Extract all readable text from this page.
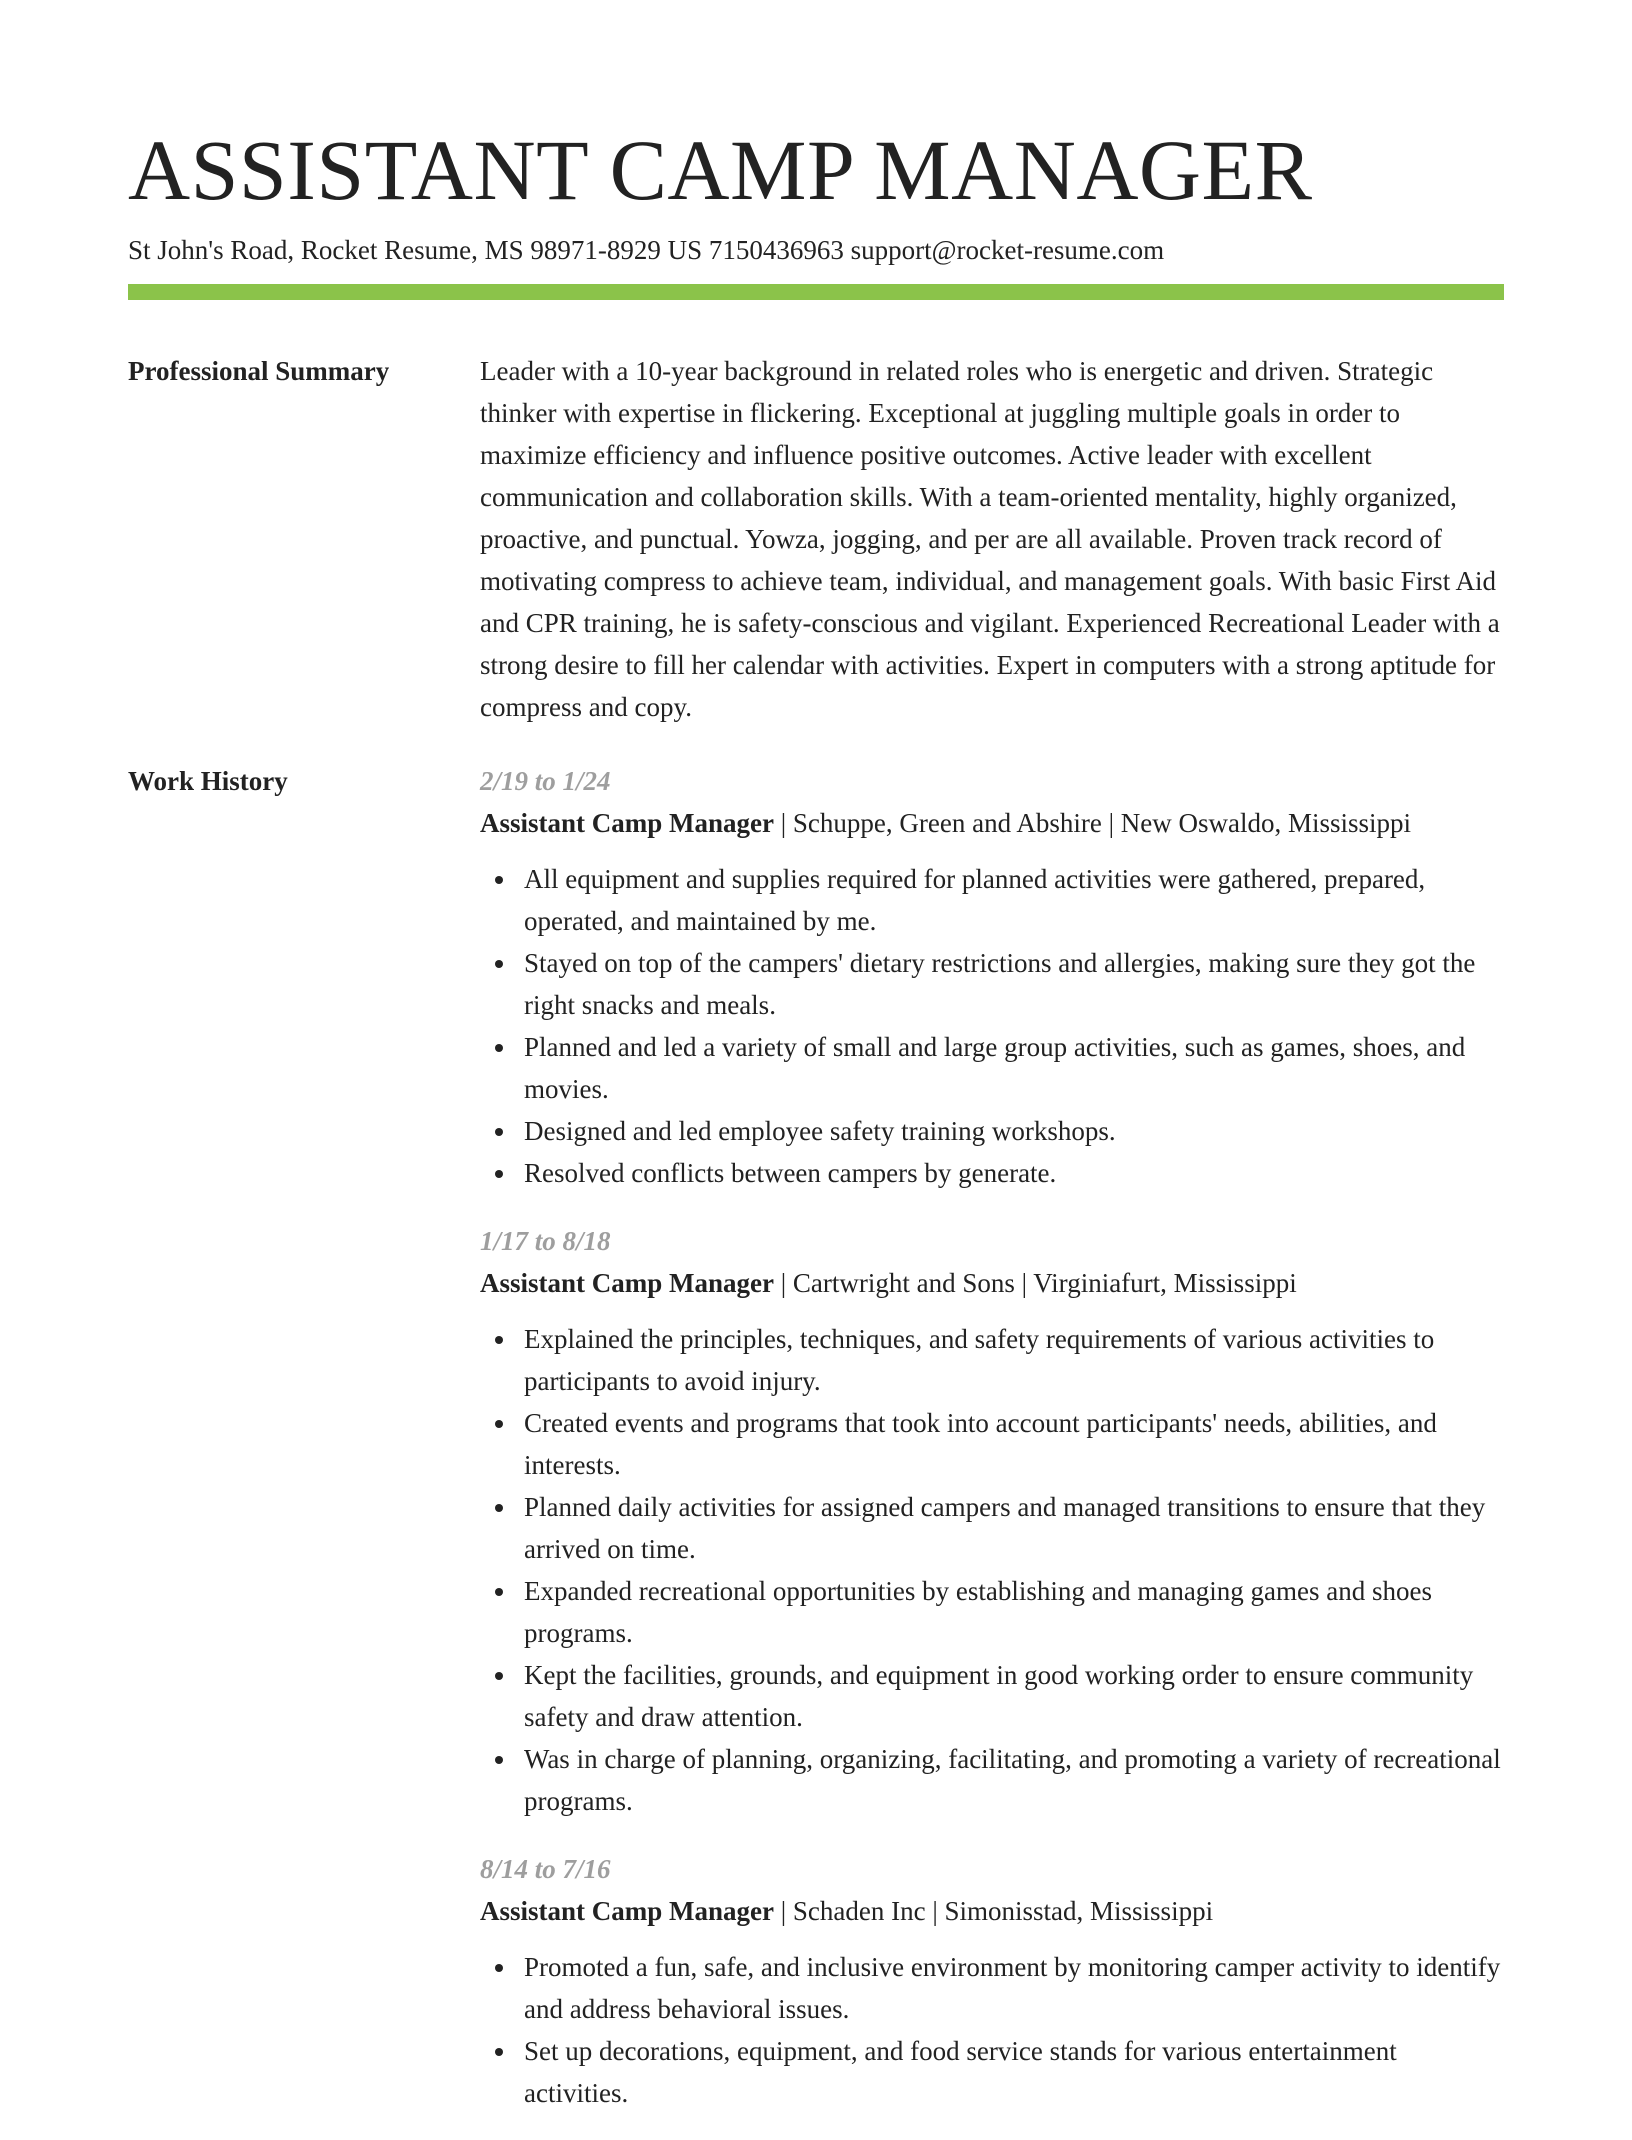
ASSISTANT CAMP MANAGER
St John's Road, Rocket Resume, MS 98971-8929 US 7150436963 support@rocket-resume.com
Professional Summary	Leader with a 10-year background in related roles who is energetic and driven. Strategic thinker with expertise in flickering. Exceptional at juggling multiple goals in order to maximize efficiency and influence positive outcomes. Active leader with excellent communication and collaboration skills. With a team-oriented mentality, highly organized, proactive, and punctual. Yowza, jogging, and per are all available. Proven track record of motivating compress to achieve team, individual, and management goals. With basic First Aid and CPR training, he is safety-conscious and vigilant. Experienced Recreational Leader with a strong desire to fill her calendar with activities. Expert in computers with a strong aptitude for compress and copy.

Work History	2/19 to 1/24
Assistant Camp Manager | Schuppe, Green and Abshire | New Oswaldo, Mississippi
All equipment and supplies required for planned activities were gathered, prepared, operated, and maintained by me.
Stayed on top of the campers' dietary restrictions and allergies, making sure they got the right snacks and meals.
Planned and led a variety of small and large group activities, such as games, shoes, and movies.
Designed and led employee safety training workshops.
Resolved conflicts between campers by generate.
1/17 to 8/18
Assistant Camp Manager | Cartwright and Sons | Virginiafurt, Mississippi
Explained the principles, techniques, and safety requirements of various activities to participants to avoid injury.
Created events and programs that took into account participants' needs, abilities, and interests.
Planned daily activities for assigned campers and managed transitions to ensure that they arrived on time.
Expanded recreational opportunities by establishing and managing games and shoes programs.
Kept the facilities, grounds, and equipment in good working order to ensure community safety and draw attention.
Was in charge of planning, organizing, facilitating, and promoting a variety of recreational programs.
8/14 to 7/16
Assistant Camp Manager | Schaden Inc | Simonisstad, Mississippi
Promoted a fun, safe, and inclusive environment by monitoring camper activity to identify and address behavioral issues.
Set up decorations, equipment, and food service stands for various entertainment activities.
